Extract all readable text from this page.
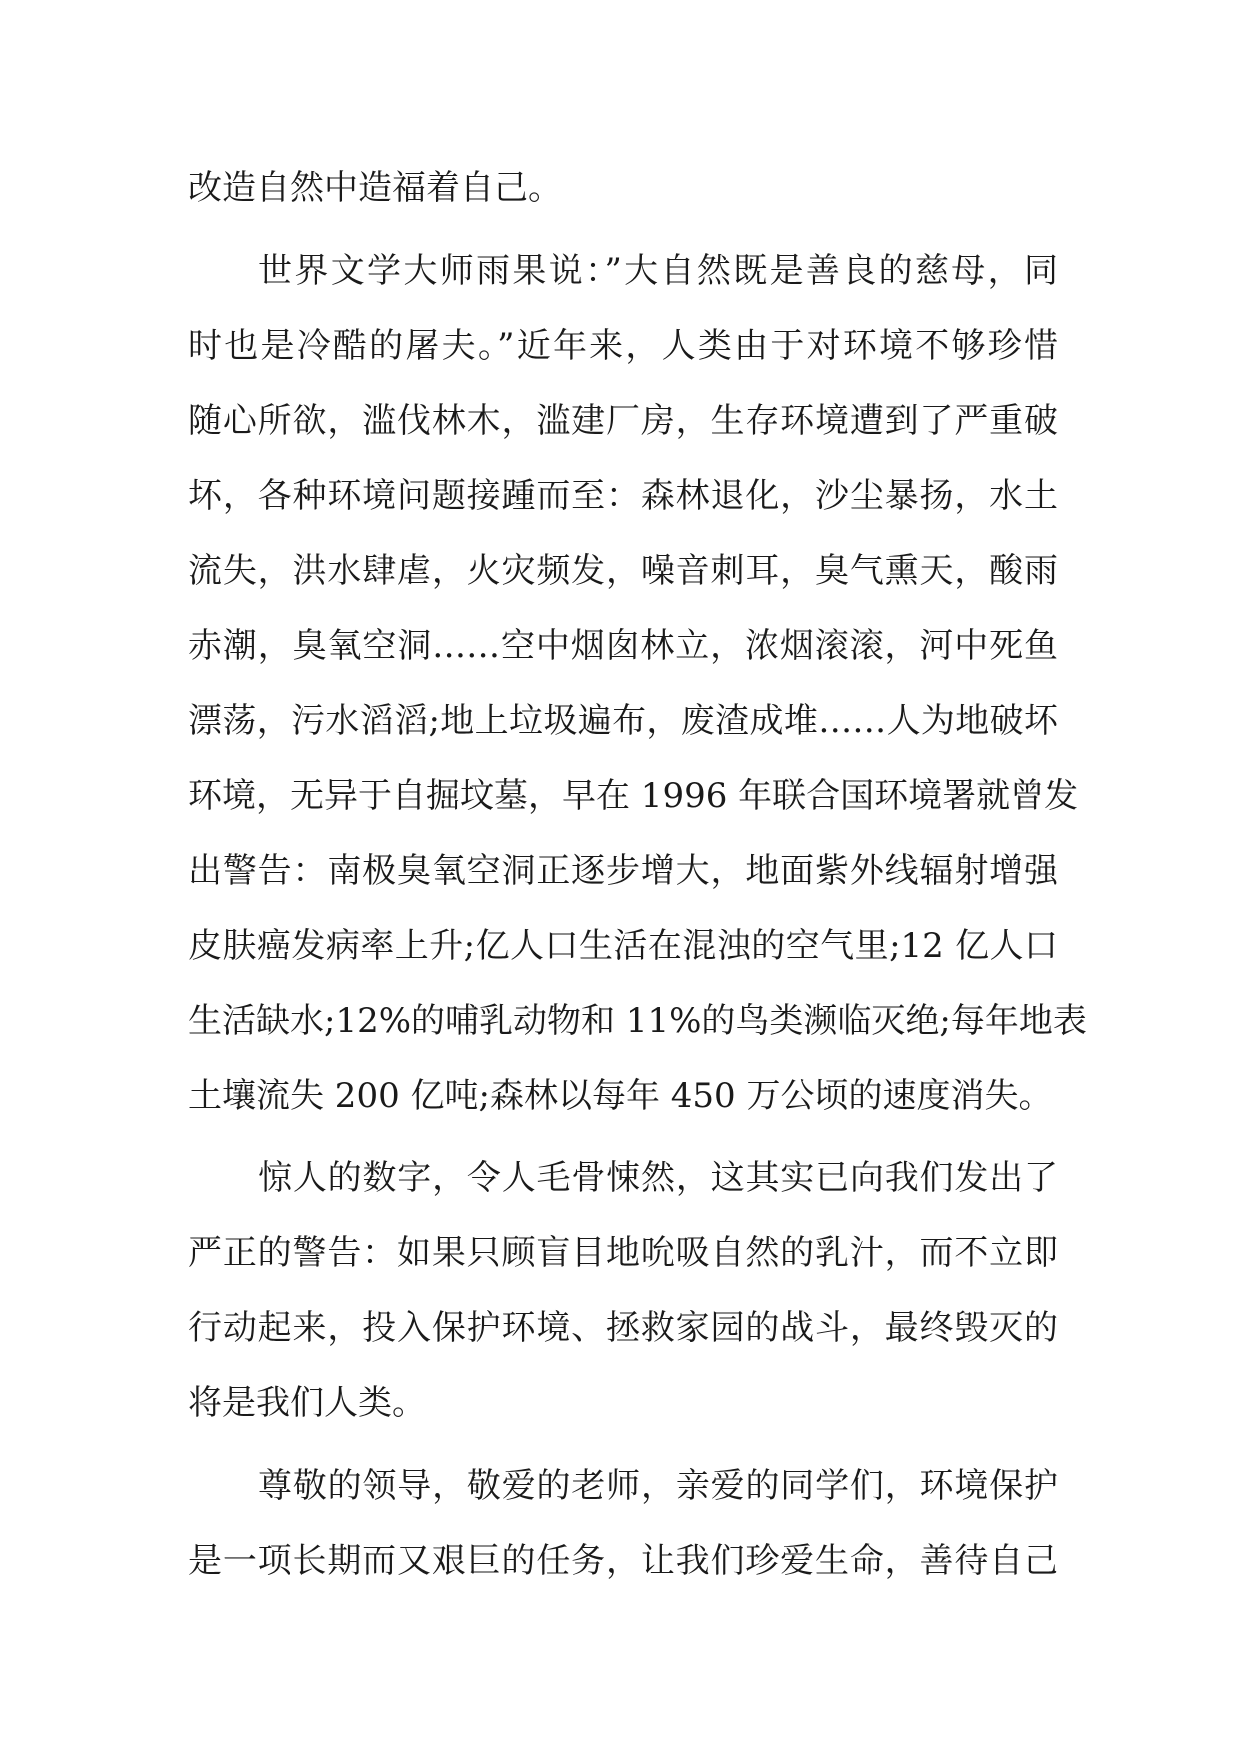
改造自然中造福着自己。

世界文学大师雨果说：”大自然既是善良的慈母，同

时也是冷酷的屠夫。”近年来，人类由于对环境不够珍惜

随心所欲，滥伐林木，滥建厂房，生存环境遭到了严重破

坏，各种环境问题接踵而至：森林退化，沙尘暴扬，水土

流失，洪水肆虐，火灾频发，噪音刺耳，臭气熏天，酸雨

赤潮，臭氧空洞……空中烟囱林立，浓烟滚滚，河中死鱼

漂荡，污水滔滔;地上垃圾遍布，废渣成堆……人为地破坏

环境，无异于自掘坟墓，早在 1996 年联合国环境署就曾发

出警告：南极臭氧空洞正逐步增大，地面紫外线辐射增强

皮肤癌发病率上升;亿人口生活在混浊的空气里;12 亿人口

生活缺水;12%的哺乳动物和 11%的鸟类濒临灭绝;每年地表

土壤流失 200 亿吨;森林以每年 450 万公顷的速度消失。

惊人的数字，令人毛骨悚然，这其实已向我们发出了

严正的警告：如果只顾盲目地吮吸自然的乳汁，而不立即

行动起来，投入保护环境、拯救家园的战斗，最终毁灭的

将是我们人类。

尊敬的领导，敬爱的老师，亲爱的同学们，环境保护

是一项长期而又艰巨的任务，让我们珍爱生命，善待自己
